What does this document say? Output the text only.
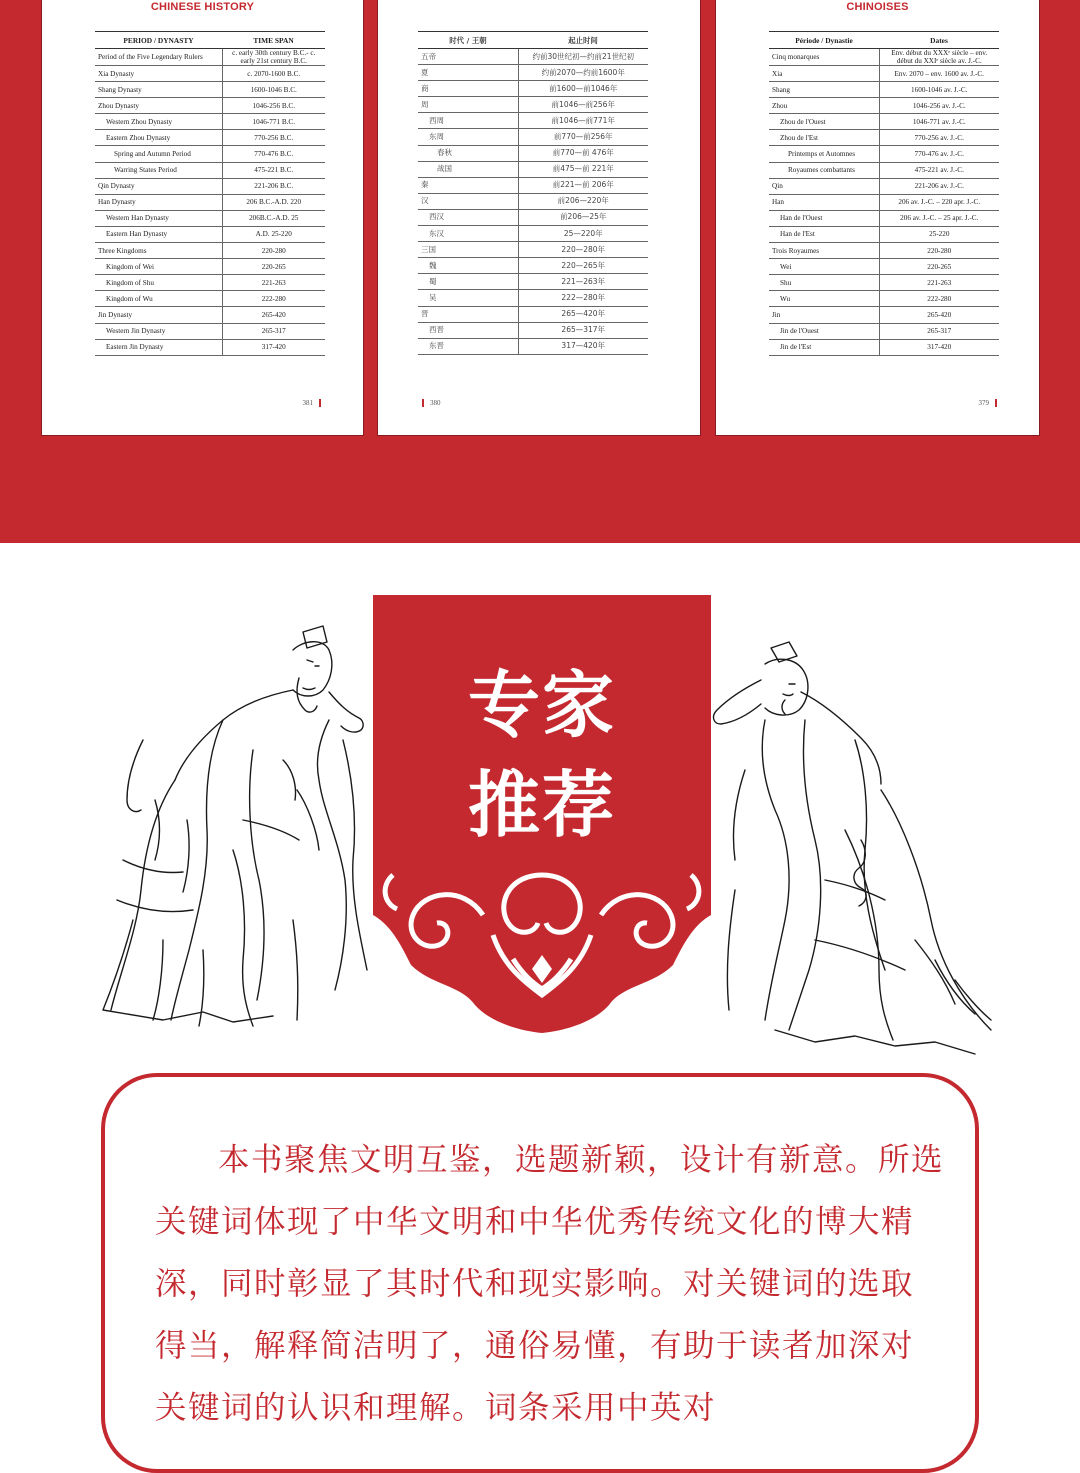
CHINESE HISTORY
PERIOD / DYNASTY	TIME SPAN
Period of the Five Legendary Rulers	c. early 30th century B.C.- c. early 21st century B.C.
Xia Dynasty	c. 2070-1600 B.C.
Shang Dynasty	1600-1046 B.C.
Zhou Dynasty	1046-256 B.C.
Western Zhou Dynasty	1046-771 B.C.
Eastern Zhou Dynasty	770-256 B.C.
Spring and Autumn Period	770-476 B.C.
Warring States Period	475-221 B.C.
Qin Dynasty	221-206 B.C.
Han Dynasty	206 B.C.-A.D. 220
Western Han Dynasty	206B.C.-A.D. 25
Eastern Han Dynasty	A.D. 25-220
Three Kingdoms	220-280
Kingdom of Wei	220-265
Kingdom of Shu	221-263
Kingdom of Wu	222-280
Jin Dynasty	265-420
Western Jin Dynasty	265-317
Eastern Jin Dynasty	317-420
381
时代 / 王朝	起止时间
五帝	约前30世纪初—约前21世纪初
夏	约前2070—约前1600年
商	前1600—前1046年
周	前1046—前256年
西周	前1046—前771年
东周	前770—前256年
春秋	前770—前 476年
战国	前475—前 221年
秦	前221—前 206年
汉	前206—220年
西汉	前206—25年
东汉	25—220年
三国	220—280年
魏	220—265年
蜀	221—263年
吴	222—280年
晋	265—420年
西晋	265—317年
东晋	317—420年
380
CHINOISES
Période / Dynastie	Dates
Cinq monarques	Env. début du XXXᵉ siècle – env. début du XXIᵉ siècle av. J.-C.
Xia	Env. 2070 – env. 1600 av. J.-C.
Shang	1600-1046 av. J.-C.
Zhou	1046-256 av. J.-C.
Zhou de l'Ouest	1046-771 av. J.-C.
Zhou de l'Est	770-256 av. J.-C.
Printemps et Automnes	770-476 av. J.-C.
Royaumes combattants	475-221 av. J.-C.
Qin	221-206 av. J.-C.
Han	206 av. J.-C. – 220 apr. J.-C.
Han de l'Ouest	206 av. J.-C. – 25 apr. J.-C.
Han de l'Est	25-220
Trois Royaumes	220-280
Wei	220-265
Shu	221-263
Wu	222-280
Jin	265-420
Jin de l'Ouest	265-317
Jin de l'Est	317-420
379
专家
推荐
本书聚焦文明互鉴，选题新颖，设计有新意。所选关键词体现了中华文明和中华优秀传统文化的博大精深，同时彰显了其时代和现实影响。对关键词的选取得当，解释简洁明了，通俗易懂，有助于读者加深对关键词的认识和理解。词条采用中英对
